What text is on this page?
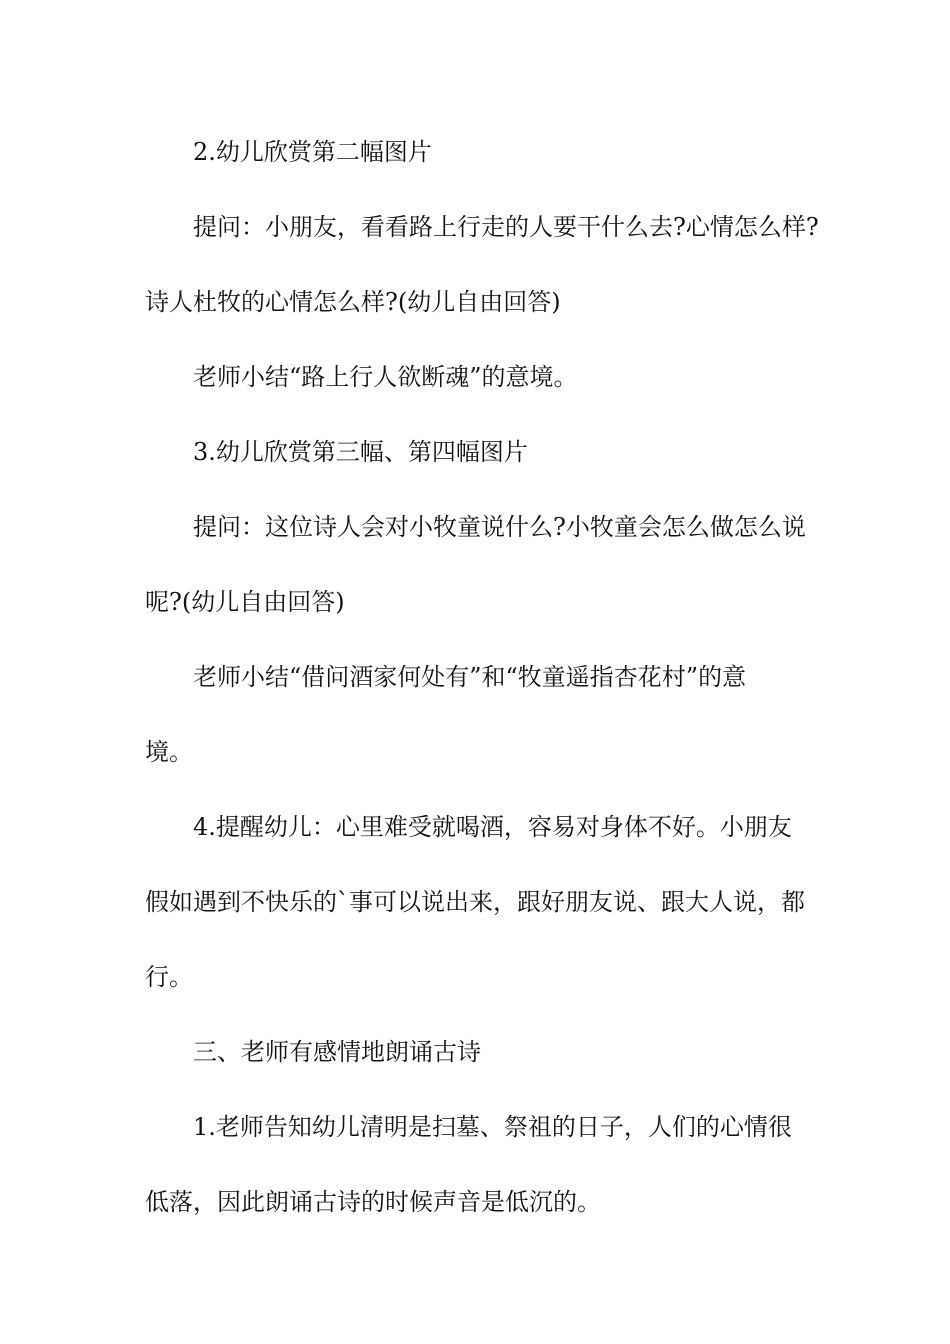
2.幼儿欣赏第二幅图片
提问：小朋友，看看路上行走的人要干什么去?心情怎么样?
诗人杜牧的心情怎么样?(幼儿自由回答)
老师小结“路上行人欲断魂”的意境。
3.幼儿欣赏第三幅、第四幅图片
提问：这位诗人会对小牧童说什么?小牧童会怎么做怎么说
呢?(幼儿自由回答)
老师小结“借问酒家何处有”和“牧童遥指杏花村”的意
境。
4.提醒幼儿：心里难受就喝酒，容易对身体不好。小朋友
假如遇到不快乐的`事可以说出来，跟好朋友说、跟大人说，都
行。
三、老师有感情地朗诵古诗
1.老师告知幼儿清明是扫墓、祭祖的日子，人们的心情很
低落，因此朗诵古诗的时候声音是低沉的。
